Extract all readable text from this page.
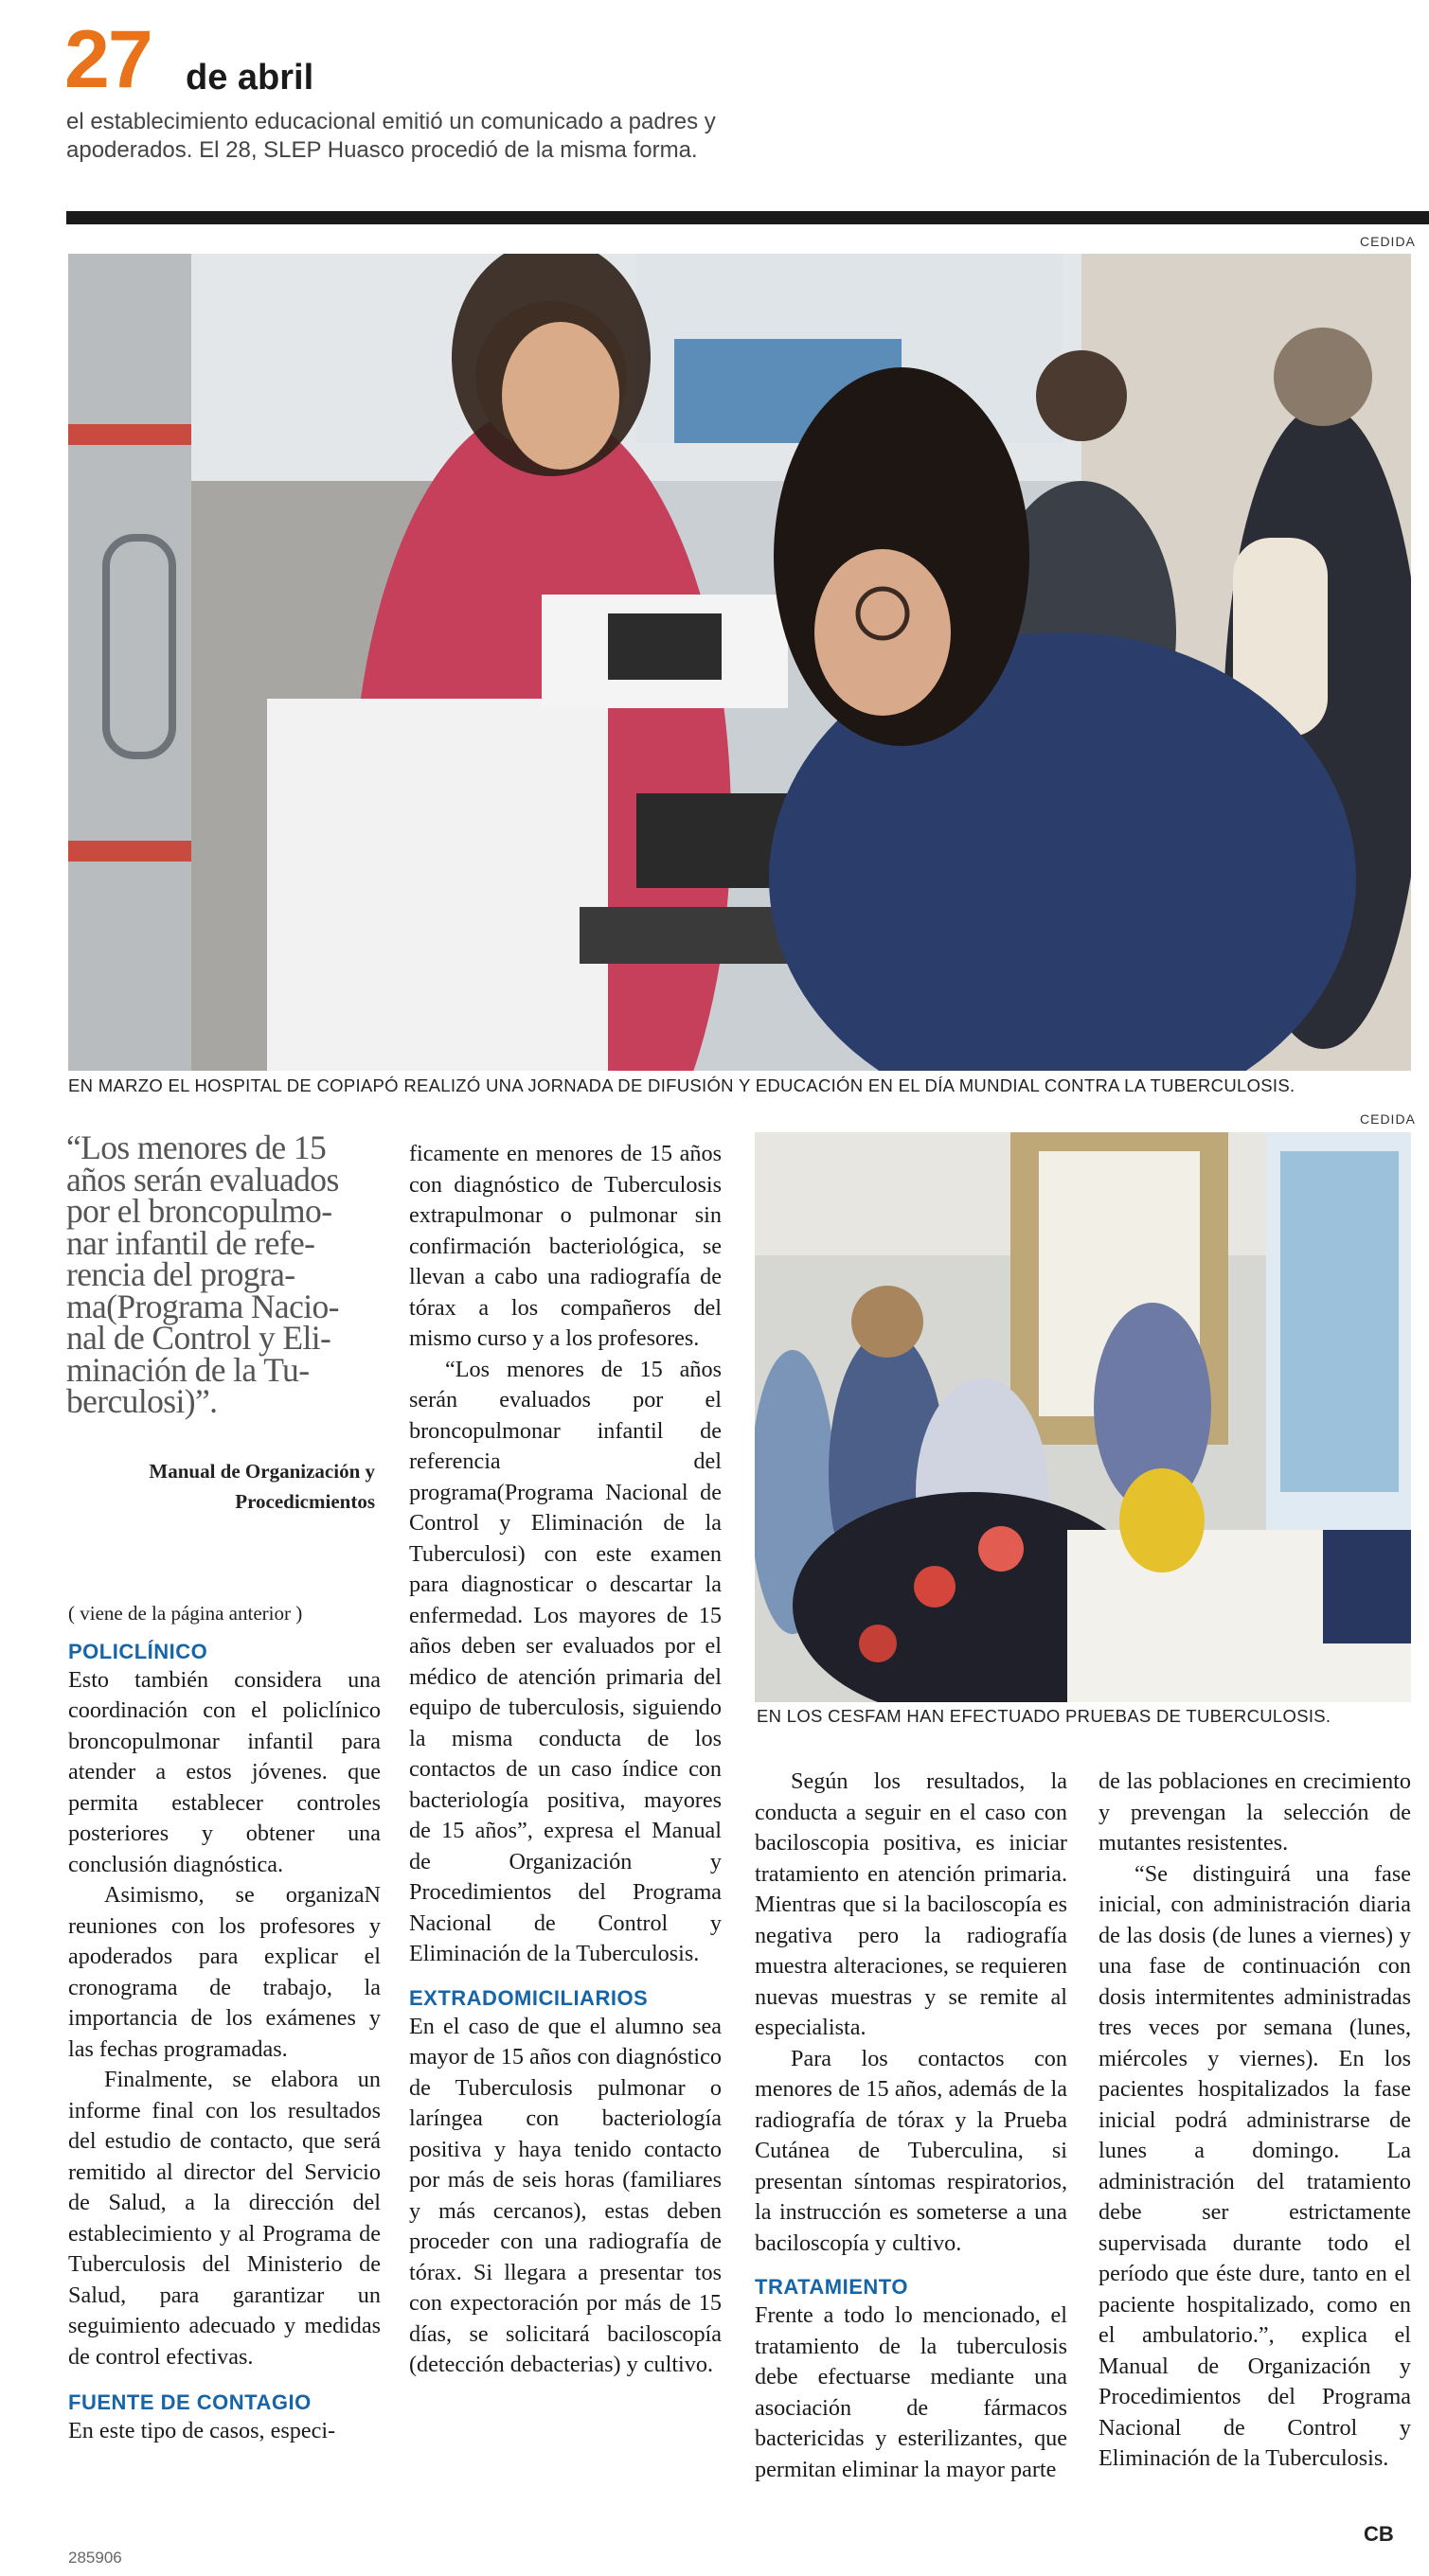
27 de abril
el establecimiento educacional emitió un comunicado a padres y apoderados. El 28, SLEP Huasco procedió de la misma forma.
CEDIDA
EN MARZO EL HOSPITAL DE COPIAPÓ REALIZÓ UNA JORNADA DE DIFUSIÓN Y EDUCACIÓN EN EL DÍA MUNDIAL CONTRA LA TUBERCULOSIS.
CEDIDA
EN LOS CESFAM HAN EFECTUADO PRUEBAS DE TUBERCULOSIS.
“Los menores de 15
años serán evaluados
por el broncopulmo-
nar infantil de refe-
rencia del progra-
ma(Programa Nacio-
nal de Control y Eli-
minación de la Tu-
berculosi)”.
Manual de Organización y
Procedicmientos
( viene de la página anterior )
POLICLÍNICO

Esto también considera una coordinación con el policlínico broncopulmonar infantil para atender a estos jóvenes. que permita establecer controles posteriores y obtener una conclusión diagnóstica.

Asimismo, se organizaN reuniones con los profesores y apoderados para explicar el cronograma de trabajo, la importancia de los exámenes y las fechas programadas.

Finalmente, se elabora un informe final con los resultados del estudio de contacto, que será remitido al director del Servicio de Salud, a la dirección del establecimiento y al Programa de Tuberculosis del Ministerio de Salud, para garantizar un seguimiento adecuado y medidas de control efectivas.

FUENTE DE CONTAGIO

En este tipo de casos, especi-

ficamente en menores de 15 años con diagnóstico de Tuberculosis extrapulmonar o pulmonar sin confirmación bacteriológica, se llevan a cabo una radiografía de tórax a los compañeros del mismo curso y a los profesores.

“Los menores de 15 años serán evaluados por el broncopulmonar infantil de referencia del programa(Programa Nacional de Control y Eliminación de la Tuberculosi) con este examen para diagnosticar o descartar la enfermedad. Los mayores de 15 años deben ser evaluados por el médico de atención primaria del equipo de tuberculosis, siguiendo la misma conducta de los contactos de un caso índice con bacteriología positiva, mayores de 15 años”, expresa el Manual de Organización y Procedimientos del Programa Nacional de Control y Eliminación de la Tuberculosis.

EXTRADOMICILIARIOS

En el caso de que el alumno sea mayor de 15 años con diagnóstico de Tuberculosis pulmonar o laríngea con bacteriología positiva y haya tenido contacto por más de seis horas (familiares y más cercanos), estas deben proceder con una radiografía de tórax. Si llegara a presentar tos con expectoración por más de 15 días, se solicitará baciloscopía (detección debacterias) y cultivo.

Según los resultados, la conducta a seguir en el caso con baciloscopia positiva, es iniciar tratamiento en atención primaria. Mientras que si la baciloscopía es negativa pero la radiografía muestra alteraciones, se requieren nuevas muestras y se remite al especialista.

Para los contactos con menores de 15 años, además de la radiografía de tórax y la Prueba Cutánea de Tuberculina, si presentan síntomas respiratorios, la instrucción es someterse a una baciloscopía y cultivo.

TRATAMIENTO

Frente a todo lo mencionado, el tratamiento de la tuberculosis debe efectuarse mediante una asociación de fármacos bactericidas y esterilizantes, que permitan eliminar la mayor parte

de las poblaciones en crecimiento y prevengan la selección de mutantes resistentes.

“Se distinguirá una fase inicial, con administración diaria de las dosis (de lunes a viernes) y una fase de continuación con dosis intermitentes administradas tres veces por semana (lunes, miércoles y viernes). En los pacientes hospitalizados la fase inicial podrá administrarse de lunes a domingo. La administración del tratamiento debe ser estrictamente supervisada durante todo el período que éste dure, tanto en el paciente hospitalizado, como en el ambulatorio.”, explica el Manual de Organización y Procedimientos del Programa Nacional de Control y Eliminación de la Tuberculosis.

CB
285906
